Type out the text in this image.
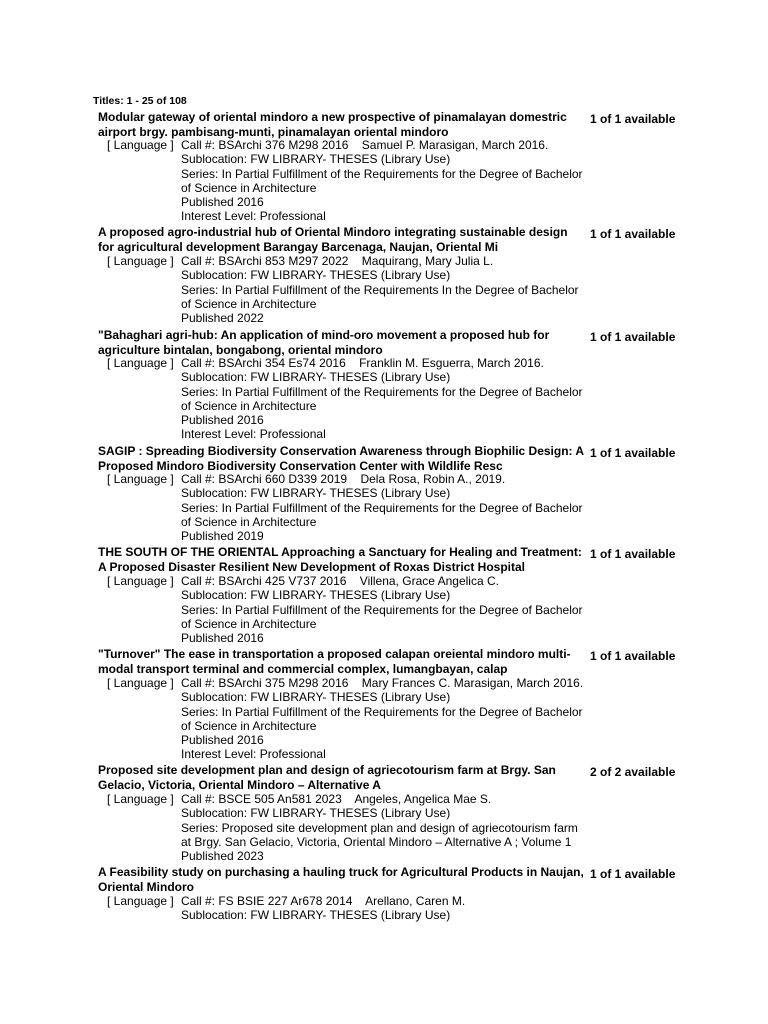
Titles: 1 - 25 of 108
Modular gateway of oriental mindoro a new prospective of pinamalayan domestric airport brgy. pambisang-munti, pinamalayan oriental mindoro
1 of 1 available
[ Language ] Call #: BSArchi 376 M298 2016    Samuel P. Marasigan, March 2016.
Sublocation: FW LIBRARY- THESES (Library Use)
Series: In Partial Fulfillment of the Requirements for the Degree of Bachelor of Science in Architecture
Published 2016
Interest Level: Professional
A proposed agro-industrial hub of Oriental Mindoro integrating sustainable design for agricultural development Barangay Barcenaga, Naujan, Oriental Mi
1 of 1 available
[ Language ] Call #: BSArchi 853 M297 2022    Maquirang, Mary Julia L.
Sublocation: FW LIBRARY- THESES (Library Use)
Series: In Partial Fulfillment of the Requirements In the Degree of Bachelor of Science in Architecture
Published 2022
"Bahaghari agri-hub: An application of mind-oro movement a proposed hub for agriculture bintalan, bongabong, oriental mindoro
1 of 1 available
[ Language ] Call #: BSArchi 354 Es74 2016    Franklin M. Esguerra, March 2016.
Sublocation: FW LIBRARY- THESES (Library Use)
Series: In Partial Fulfillment of the Requirements for the Degree of Bachelor of Science in Architecture
Published 2016
Interest Level: Professional
SAGIP : Spreading Biodiversity Conservation Awareness through Biophilic Design: A Proposed Mindoro Biodiversity Conservation Center with Wildlife Resc
1 of 1 available
[ Language ] Call #: BSArchi 660 D339 2019    Dela Rosa, Robin A., 2019.
Sublocation: FW LIBRARY- THESES (Library Use)
Series: In Partial Fulfillment of the Requirements for the Degree of Bachelor of Science in Architecture
Published 2019
THE SOUTH OF THE ORIENTAL Approaching a Sanctuary for Healing and Treatment: A Proposed Disaster Resilient New Development of Roxas District Hospital
1 of 1 available
[ Language ] Call #: BSArchi 425 V737 2016    Villena, Grace Angelica C.
Sublocation: FW LIBRARY- THESES (Library Use)
Series: In Partial Fulfillment of the Requirements for the Degree of Bachelor of Science in Architecture
Published 2016
"Turnover" The ease in transportation a proposed calapan oreiental mindoro multi-modal transport terminal and commercial complex, lumangbayan, calap
1 of 1 available
[ Language ] Call #: BSArchi 375 M298 2016    Mary Frances C. Marasigan, March 2016.
Sublocation: FW LIBRARY- THESES (Library Use)
Series: In Partial Fulfillment of the Requirements for the Degree of Bachelor of Science in Architecture
Published 2016
Interest Level: Professional
Proposed site development plan and design of agriecotourism farm at Brgy. San Gelacio, Victoria, Oriental Mindoro – Alternative A
2 of 2 available
[ Language ] Call #: BSCE 505 An581 2023    Angeles, Angelica Mae S.
Sublocation: FW LIBRARY- THESES (Library Use)
Series: Proposed site development plan and design of agriecotourism farm at Brgy. San Gelacio, Victoria, Oriental Mindoro – Alternative A ; Volume 1
Published 2023
A Feasibility study on purchasing a hauling truck for Agricultural Products in Naujan, Oriental Mindoro
1 of 1 available
[ Language ] Call #: FS BSIE 227 Ar678 2014    Arellano, Caren M.
Sublocation: FW LIBRARY- THESES (Library Use)
